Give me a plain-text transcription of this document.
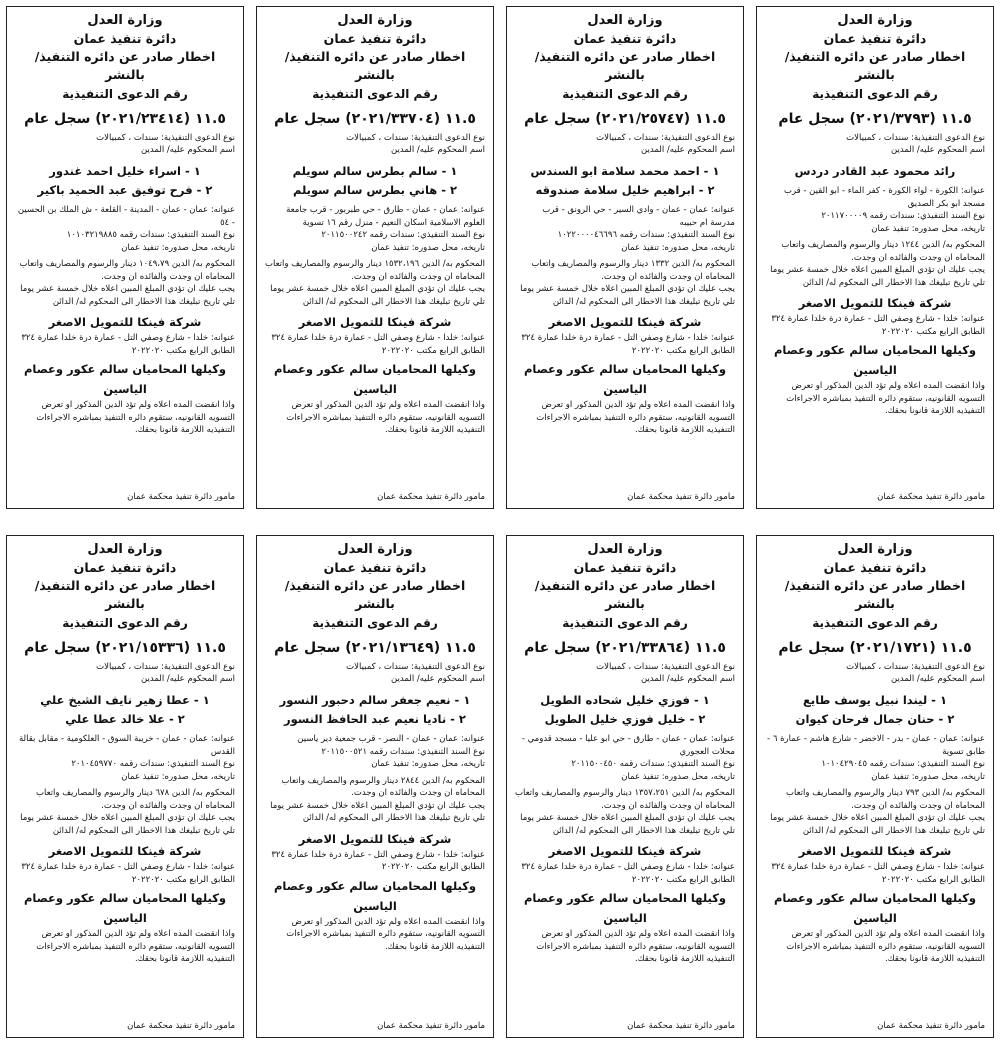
وزارة العدل
دائرة تنفيذ عمان
اخطار صادر عن دائره التنفيذ/ بالنشر
رقم الدعوى التنفيذية
١١.٥ (٢٠٢١/٣٧٩٣) سجل عام
نوع الدعوى التنفيذية: سندات ، كمبيالات
اسم المحكوم عليه/ المدين
رائد محمود عبد القادر دردس
عنوانه: الكورة - لواء الكورة - كفر الماء - ابو القين - قرب مسجد ابو بكر الصديق
نوع السند التنفيذي: سندات رقمه ٢٠١١٧٠٠٠٠٩
تاريخه، محل صدوره: تنفيذ عمان
المحكوم به/ الدين ١٢٤٤ دينار والرسوم والمصاريف واتعاب المحاماه ان وجدت والفائده ان وجدت.
يجب عليك ان تؤدي المبلغ المبين اعلاه خلال خمسة عشر يوما تلي تاريخ تبليغك هذا الاخطار الى المحكوم له/ الدائن
شركة فينكا للتمويل الاصغر
عنوانه: خلدا - شارع وصفي التل - عمارة درة خلدا عمارة ٣٢٤ الطابق الرابع مكتب ٢٠٢٢٠٢٠
وكيلها المحاميان سالم عكور وعصام الياسين
واذا انقضت المده اعلاه ولم تؤد الدين المذكور او تعرض التسويه القانونيه، ستقوم دائره التنفيذ بمباشره الاجراءات التنفيذيه اللازمة قانونا بحقك.
مامور دائرة تنفيذ محكمة عمان
وزارة العدل
دائرة تنفيذ عمان
اخطار صادر عن دائره التنفيذ/ بالنشر
رقم الدعوى التنفيذية
١١.٥ (٢٠٢١/٢٥٧٤٧) سجل عام
نوع الدعوى التنفيذية: سندات ، كمبيالات
اسم المحكوم عليه/ المدين
١ - احمد محمد سلامة ابو السندس
٢ - ابراهيم خليل سلامة صندوقه
عنوانه: عمان - عمان - وادي السير - حي الرونق - قرب مدرسة ام حبيبه
نوع السند التنفيذي: سندات رقمه ١٠٢٢٠٠٠٠٤٦٦٩٦
تاريخه، محل صدوره: تنفيذ عمان
المحكوم به/ الدين ١٣٣٢ دينار والرسوم والمصاريف واتعاب المحاماه ان وجدت والفائده ان وجدت.
يجب عليك ان تؤدي المبلغ المبين اعلاه خلال خمسة عشر يوما تلي تاريخ تبليغك هذا الاخطار الى المحكوم له/ الدائن
شركة فينكا للتمويل الاصغر
عنوانه: خلدا - شارع وصفي التل - عمارة درة خلدا عمارة ٣٢٤ الطابق الرابع مكتب ٢٠٢٢٠٢٠
وكيلها المحاميان سالم عكور وعصام الياسين
واذا انقضت المده اعلاه ولم تؤد الدين المذكور او تعرض التسويه القانونيه، ستقوم دائره التنفيذ بمباشره الاجراءات التنفيذيه اللازمة قانونا بحقك.
مامور دائرة تنفيذ محكمة عمان
وزارة العدل
دائرة تنفيذ عمان
اخطار صادر عن دائره التنفيذ/ بالنشر
رقم الدعوى التنفيذية
١١.٥ (٢٠٢١/٣٣٧٠٤) سجل عام
نوع الدعوى التنفيذية: سندات ، كمبيالات
اسم المحكوم عليه/ المدين
١ - سالم بطرس سالم سويلم
٢ - هاني بطرس سالم سويلم
عنوانه: عمان - عمان - طارق - حي طبربور - قرب جامعة العلوم الاسلامية اسكان النعيم - منزل رقم ١٦ تسوية
نوع السند التنفيذي: سندات رقمه ٢٠١١٥٠٠٢٤٢
تاريخه، محل صدوره: تنفيذ عمان
المحكوم به/ الدين ١٥٣٢،١٩٦ دينار والرسوم والمصاريف واتعاب المحاماه ان وجدت والفائده ان وجدت.
يجب عليك ان تؤدي المبلغ المبين اعلاه خلال خمسة عشر يوما تلي تاريخ تبليغك هذا الاخطار الى المحكوم له/ الدائن
شركة فينكا للتمويل الاصغر
عنوانه: خلدا - شارع وصفي التل - عمارة درة خلدا عمارة ٣٢٤ الطابق الرابع مكتب ٢٠٢٢٠٢٠
وكيلها المحاميان سالم عكور وعصام الياسين
واذا انقضت المده اعلاه ولم تؤد الدين المذكور او تعرض التسويه القانونيه، ستقوم دائره التنفيذ بمباشره الاجراءات التنفيذيه اللازمة قانونا بحقك.
مامور دائرة تنفيذ محكمة عمان
وزارة العدل
دائرة تنفيذ عمان
اخطار صادر عن دائره التنفيذ/ بالنشر
رقم الدعوى التنفيذية
١١.٥ (٢٠٢١/٢٣٤١٤) سجل عام
نوع الدعوى التنفيذية: سندات ، كمبيالات
اسم المحكوم عليه/ المدين
١ - اسراء خليل احمد غندور
٢ - فرح توفيق عبد الحميد باكير
عنوانه: عمان - عمان - المدينة - القلعة - ش الملك بن الحسين - ٥٤
نوع السند التنفيذي: سندات رقمه ١٠١٠٣٢١٩٨٨٥
تاريخه، محل صدوره: تنفيذ عمان
المحكوم به/ الدين ١٠٤٩،٧٩ دينار والرسوم والمصاريف واتعاب المحاماه ان وجدت والفائده ان وجدت.
يجب عليك ان تؤدي المبلغ المبين اعلاه خلال خمسة عشر يوما تلي تاريخ تبليغك هذا الاخطار الى المحكوم له/ الدائن
شركة فينكا للتمويل الاصغر
عنوانه: خلدا - شارع وصفي التل - عمارة درة خلدا عمارة ٣٢٤ الطابق الرابع مكتب ٢٠٢٢٠٢٠
وكيلها المحاميان سالم عكور وعصام الياسين
واذا انقضت المده اعلاه ولم تؤد الدين المذكور او تعرض التسويه القانونيه، ستقوم دائره التنفيذ بمباشره الاجراءات التنفيذيه اللازمة قانونا بحقك.
مامور دائرة تنفيذ محكمة عمان
وزارة العدل
دائرة تنفيذ عمان
اخطار صادر عن دائره التنفيذ/ بالنشر
رقم الدعوى التنفيذية
١١.٥ (٢٠٢١/١٧٢١) سجل عام
نوع الدعوى التنفيذية: سندات ، كمبيالات
اسم المحكوم عليه/ المدين
١ - ليندا نبيل يوسف طايع
٢ - حنان جمال فرحان كيوان
عنوانه: عمان - عمان - بدر - الاخضر - شارع هاشم - عمارة ٦ - طابق تسوية
نوع السند التنفيذي: سندات رقمه ١٠١٠٤٢٩٠٤٥
تاريخه، محل صدوره: تنفيذ عمان
المحكوم به/ الدين ٧٩٣ دينار والرسوم والمصاريف واتعاب المحاماه ان وجدت والفائده ان وجدت.
يجب عليك ان تؤدي المبلغ المبين اعلاه خلال خمسة عشر يوما تلي تاريخ تبليغك هذا الاخطار الى المحكوم له/ الدائن
شركة فينكا للتمويل الاصغر
عنوانه: خلدا - شارع وصفي التل - عمارة درة خلدا عمارة ٣٢٤ الطابق الرابع مكتب ٢٠٢٢٠٢٠
وكيلها المحاميان سالم عكور وعصام الياسين
واذا انقضت المده اعلاه ولم تؤد الدين المذكور او تعرض التسويه القانونيه، ستقوم دائره التنفيذ بمباشره الاجراءات التنفيذيه اللازمة قانونا بحقك.
مامور دائرة تنفيذ محكمة عمان
وزارة العدل
دائرة تنفيذ عمان
اخطار صادر عن دائره التنفيذ/ بالنشر
رقم الدعوى التنفيذية
١١.٥ (٢٠٢١/٣٣٨٦٤) سجل عام
نوع الدعوى التنفيذية: سندات ، كمبيالات
اسم المحكوم عليه/ المدين
١ - فوزي خليل شحاده الطويل
٢ - خليل فوزي خليل الطويل
عنوانه: عمان - عمان - طارق - حي ابو عليا - مسجد قدومي - محلات العجوري
نوع السند التنفيذي: سندات رقمه ٢٠١١٥٠٠٤٥٠
تاريخه، محل صدوره: تنفيذ عمان
المحكوم به/ الدين ١٣٥٧،٢٥١ دينار والرسوم والمصاريف واتعاب المحاماه ان وجدت والفائده ان وجدت.
يجب عليك ان تؤدي المبلغ المبين اعلاه خلال خمسة عشر يوما تلي تاريخ تبليغك هذا الاخطار الى المحكوم له/ الدائن
شركة فينكا للتمويل الاصغر
عنوانه: خلدا - شارع وصفي التل - عمارة درة خلدا عمارة ٣٢٤ الطابق الرابع مكتب ٢٠٢٢٠٢٠
وكيلها المحاميان سالم عكور وعصام الياسين
واذا انقضت المده اعلاه ولم تؤد الدين المذكور او تعرض التسويه القانونيه، ستقوم دائره التنفيذ بمباشره الاجراءات التنفيذيه اللازمة قانونا بحقك.
مامور دائرة تنفيذ محكمة عمان
وزارة العدل
دائرة تنفيذ عمان
اخطار صادر عن دائره التنفيذ/ بالنشر
رقم الدعوى التنفيذية
١١.٥ (٢٠٢١/١٣٦٤٩) سجل عام
نوع الدعوى التنفيذية: سندات ، كمبيالات
اسم المحكوم عليه/ المدين
١ - نعيم جعفر سالم دحبور النسور
٢ - ناديا نعيم عبد الحافظ النسور
عنوانه: عمان - عمان - النصر - قرب جمعية دير ياسين
نوع السند التنفيذي: سندات رقمه ٢٠١١٥٠٠٥٢١
تاريخه، محل صدوره: تنفيذ عمان
المحكوم به/ الدين ٢٨٤٤ دينار والرسوم والمصاريف واتعاب المحاماه ان وجدت والفائده ان وجدت.
يجب عليك ان تؤدي المبلغ المبين اعلاه خلال خمسة عشر يوما تلي تاريخ تبليغك هذا الاخطار الى المحكوم له/ الدائن
شركة فينكا للتمويل الاصغر
عنوانه: خلدا - شارع وصفي التل - عمارة درة خلدا عمارة ٣٢٤ الطابق الرابع مكتب ٢٠٢٢٠٢٠
وكيلها المحاميان سالم عكور وعصام الياسين
واذا انقضت المده اعلاه ولم تؤد الدين المذكور او تعرض التسويه القانونيه، ستقوم دائره التنفيذ بمباشره الاجراءات التنفيذيه اللازمة قانونا بحقك.
مامور دائرة تنفيذ محكمة عمان
وزارة العدل
دائرة تنفيذ عمان
اخطار صادر عن دائره التنفيذ/ بالنشر
رقم الدعوى التنفيذية
١١.٥ (٢٠٢١/١٥٣٣٦) سجل عام
نوع الدعوى التنفيذية: سندات ، كمبيالات
اسم المحكوم عليه/ المدين
١ - عطا زهير نايف الشيخ علي
٢ - علا خالد عطا علي
عنوانه: عمان - عمان - خريبة السوق - العلكومية - مقابل بقالة القدس
نوع السند التنفيذي: سندات رقمه ٢٠١٠٤٥٩٧٧٠
تاريخه، محل صدوره: تنفيذ عمان
المحكوم به/ الدين ٦٧٨ دينار والرسوم والمصاريف واتعاب المحاماه ان وجدت والفائده ان وجدت.
يجب عليك ان تؤدي المبلغ المبين اعلاه خلال خمسة عشر يوما تلي تاريخ تبليغك هذا الاخطار الى المحكوم له/ الدائن
شركة فينكا للتمويل الاصغر
عنوانه: خلدا - شارع وصفي التل - عمارة درة خلدا عمارة ٣٢٤ الطابق الرابع مكتب ٢٠٢٢٠٢٠
وكيلها المحاميان سالم عكور وعصام الياسين
واذا انقضت المده اعلاه ولم تؤد الدين المذكور او تعرض التسويه القانونيه، ستقوم دائره التنفيذ بمباشره الاجراءات التنفيذيه اللازمة قانونا بحقك.
مامور دائرة تنفيذ محكمة عمان
